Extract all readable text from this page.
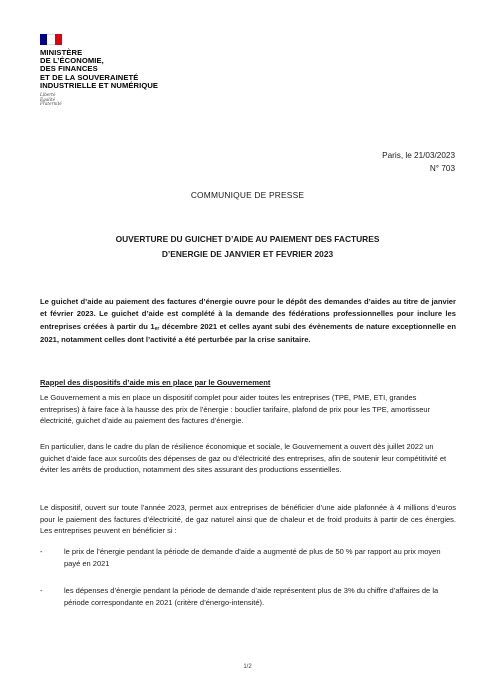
MINISTÈRE
DE L’ÉCONOMIE,
DES FINANCES
ET DE LA SOUVERAINETÉ
INDUSTRIELLE ET NUMÉRIQUE
Liberté
Égalité
Fraternité
Paris, le 21/03/2023
N° 703
COMMUNIQUE DE PRESSE
OUVERTURE DU GUICHET D’AIDE AU PAIEMENT DES FACTURES
D’ENERGIE DE JANVIER ET FEVRIER 2023
Le guichet d’aide au paiement des factures d’énergie ouvre pour le dépôt des demandes d’aides au titre de janvier et février 2023. Le guichet d’aide est complété à la demande des fédérations professionnelles pour inclure les entreprises créées à partir du $1_{er}$ décembre 2021 et celles ayant subi des évènements de nature exceptionnelle en 2021, notamment celles dont l’activité a été perturbée par la crise sanitaire.
Rappel des dispositifs d’aide mis en place par le Gouvernement
Le Gouvernement a mis en place un dispositif complet pour aider toutes les entreprises (TPE, PME, ETI, grandes entreprises) à faire face à la hausse des prix de l’énergie : bouclier tarifaire, plafond de prix pour les TPE, amortisseur électricité, guichet d’aide au paiement des factures d’énergie.
En particulier, dans le cadre du plan de résilience économique et sociale, le Gouvernement a ouvert dès juillet 2022 un guichet d’aide face aux surcoûts des dépenses de gaz ou d’électricité des entreprises, afin de soutenir leur compétitivité et éviter les arrêts de production, notamment des sites assurant des productions essentielles.
Le dispositif, ouvert sur toute l’année 2023, permet aux entreprises de bénéficier d’une aide plafonnée à 4 millions d’euros pour le paiement des factures d’électricité, de gaz naturel ainsi que de chaleur et de froid produits à partir de ces énergies. Les entreprises peuvent en bénéficier si :
-	le prix de l’énergie pendant la période de demande d’aide a augmenté de plus de 50 % par rapport au prix moyen payé en 2021
-	les dépenses d’énergie pendant la période de demande d’aide représentent plus de 3% du chiffre d’affaires de la période correspondante en 2021 (critère d’énergo-intensité).
1/2
